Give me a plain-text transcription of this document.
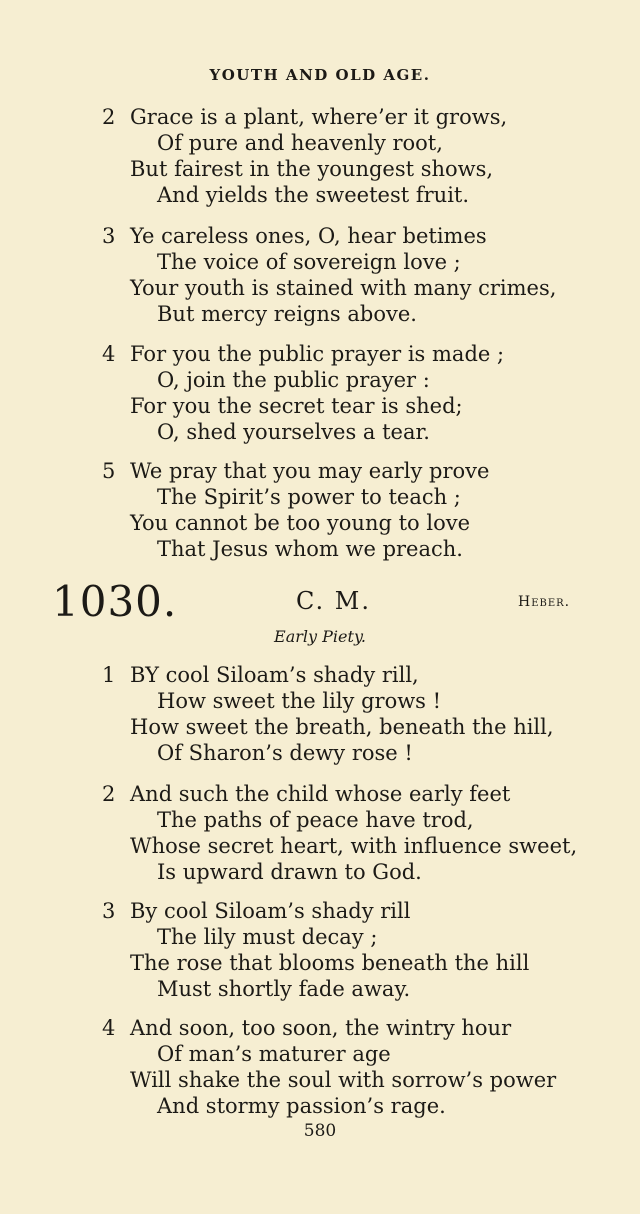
YOUTH AND OLD AGE.
2 Grace is a plant, where’er it grows,
Of pure and heavenly root,
But fairest in the youngest shows,
And yields the sweetest fruit.
3 Ye careless ones, O, hear betimes
The voice of sovereign love ;
Your youth is stained with many crimes,
But mercy reigns above.
4 For you the public prayer is made ;
O, join the public prayer :
For you the secret tear is shed;
O, shed yourselves a tear.
5 We pray that you may early prove
The Spirit’s power to teach ;
You cannot be too young to love
That Jesus whom we preach.
1030.	C. M.	Heber.
Early Piety.
1 BY cool Siloam’s shady rill,
How sweet the lily grows !
How sweet the breath, beneath the hill,
Of Sharon’s dewy rose !
2 And such the child whose early feet
The paths of peace have trod,
Whose secret heart, with influence sweet,
Is upward drawn to God.
3 By cool Siloam’s shady rill
The lily must decay ;
The rose that blooms beneath the hill
Must shortly fade away.
4 And soon, too soon, the wintry hour
Of man’s maturer age
Will shake the soul with sorrow’s power
And stormy passion’s rage.
580
